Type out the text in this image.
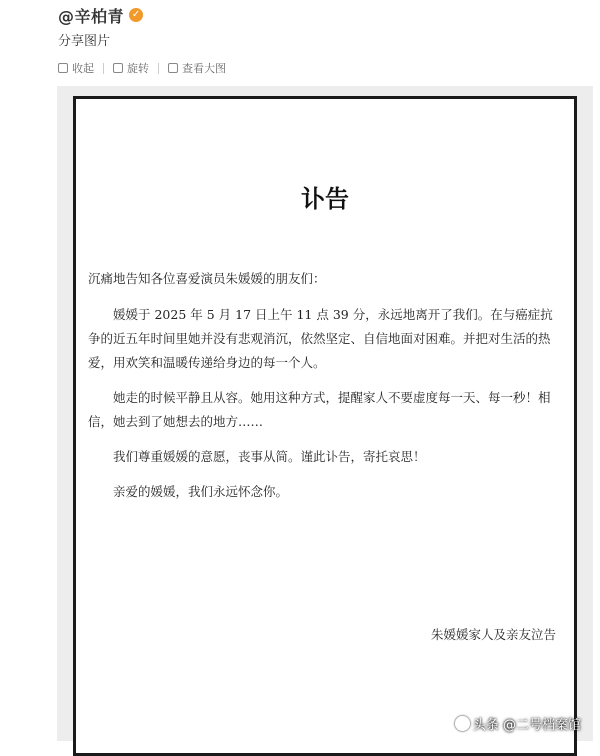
@辛柏青 ✓
分享图片
收起	旋转	查看大图
讣告

沉痛地告知各位喜爱演员朱媛媛的朋友们：

媛媛于 2025 年 5 月 17 日上午 11 点 39 分，永远地离开了我们。在与癌症抗争的近五年时间里她并没有悲观消沉，依然坚定、自信地面对困难。并把对生活的热爱，用欢笑和温暖传递给身边的每一个人。

她走的时候平静且从容。她用这种方式，提醒家人不要虚度每一天、每一秒！相信，她去到了她想去的地方……

我们尊重媛媛的意愿，丧事从简。谨此讣告，寄托哀思！

亲爱的媛媛，我们永远怀念你。

朱媛媛家人及亲友泣告
头条 @二号档案馆
